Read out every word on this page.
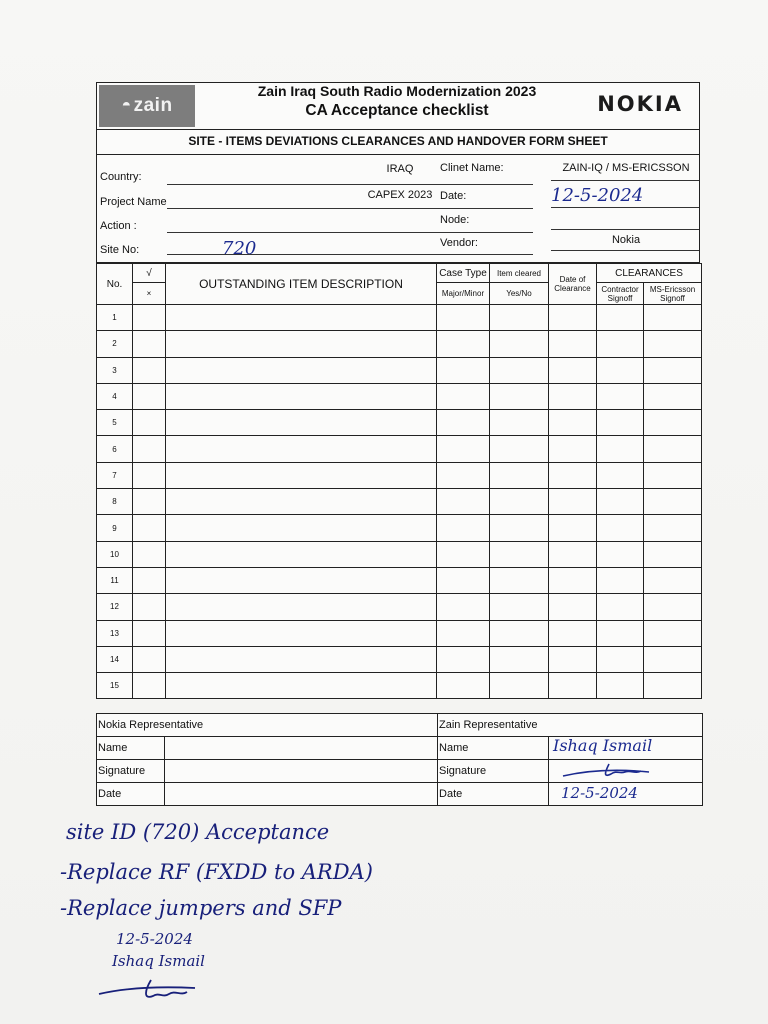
◓ zain
Zain Iraq South Radio Modernization 2023
CA Acceptance checklist	NOKIA
SITE - ITEMS DEVIATIONS CLEARANCES AND HANDOVER FORM SHEET
Country:
IRAQ
Project Name
CAPEX 2023
Action :
Site No:	720
Clinet Name:	ZAIN-IQ / MS-ERICSSON
Date:	12-5-2024
Node:
Vendor:	Nokia
No.	√	OUTSTANDING ITEM DESCRIPTION	Case Type	Item cleared	Date of Clearance	CLEARANCES	
	×		Major/Minor	Yes/No		Contractor Signoff	MS-Ericsson Signoff
1							
2							
3							
4							
5							
6							
7							
8							
9							
10							
11							
12							
13							
14							
15							
Nokia Representative		Zain Representative	
Name		Name	Ishaq Ismail

Signature		Signature	

Date		Date	12-5-2024
site ID (720) Acceptance
-Replace RF (FXDD to ARDA)
-Replace jumpers and SFP
12-5-2024
Ishaq Ismail
